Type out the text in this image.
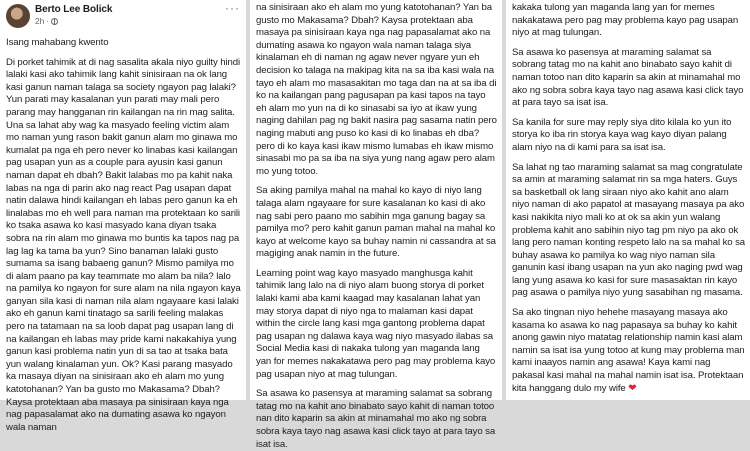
Berto Lee Bolick
2h ·
···

Isang mahabang kwento

Di porket tahimik at di nag sasalita akala niyo guilty hindi lalaki kasi ako tahimik lang kahit sinisiraan na ok lang kasi ganun naman talaga sa society ngayon pag lalaki? Yun parati may kasalanan yun parati may mali pero parang may hangganan rin kailangan na rin mag salita. Una sa lahat aby wag ka masyado feeling victim alam mo naman yung rason bakit ganun alam mo ginawa mo kumalat pa nga eh pero never ko linabas kasi kailangan pag usapan yun as a couple para ayusin kasi ganun naman dapat eh dbah? Bakit lalabas mo pa kahit naka labas na nga di parin ako nag react Pag usapan dapat natin dalawa hindi kailangan eh labas pero ganun ka eh linalabas mo eh well para naman ma protektaan ko sarili ko tsaka asawa ko kasi masyado kana diyan tsaka sobra na rin alam mo ginawa mo buntis ka tapos nag pa lag lag ka tama ba yun? Sino banaman lalaki gusto sumama sa isang babaeng ganun? Mismo pamilya mo di alam paano pa kay teammate mo alam ba nila? lalo na pamilya ko ngayon for sure alam na nila ngayon kaya ganyan sila kasi di naman nila alam ngayaare kasi lalaki ako eh ganun kami tinatago sa sarili feeling malakas pero na tatamaan na sa loob dapat pag usapan lang di na kailangan eh labas may pride kami nakakahiya yung ganun kasi problema natin yun di sa tao at tsaka bata yun walang kinalaman yun. Ok? Kasi parang masyado ka masaya diyan na sinisiraan ako eh alam mo yung katotohanan? Yan ba gusto mo Makasama? Dbah? Kaysa protektaan aba masaya pa sinisiraan kaya nga nag papasalamat ako na dumating asawa ko ngayon wala naman

na sinisiraan ako eh alam mo yung katotohanan? Yan ba gusto mo Makasama? Dbah? Kaysa protektaan aba masaya pa sinisiraan kaya nga nag papasalamat ako na dumating asawa ko ngayon wala naman talaga siya kinalaman eh di naman ng agaw never ngyare yun eh decision ko talaga na makipag kita na sa iba kasi wala na tayo eh alam mo masasakitan mo taga dan na at sa iba di ko na kailangan pang pagusapan pa kasi tapos na tayo eh alam mo yun na di ko sinasabi sa iyo at ikaw yung naging dahilan pag ng bakit nasira pag sasama natin pero naging mabuti ang puso ko kasi di ko linabas eh dba? pero di ko kaya kasi ikaw mismo lumabas eh ikaw mismo sinasabi mo pa sa iba na siya yung nang agaw pero alam mo yung totoo.

Sa aking pamilya mahal na mahal ko kayo di niyo lang talaga alam ngayaare for sure kasalanan ko kasi di ako nag sabi pero paano mo sabihin mga ganung bagay sa pamilya mo? pero kahit ganun paman mahal na mahal ko kayo at welcome kayo sa buhay namin ni cassandra at sa magiging anak namin in the future.

Learning point wag kayo masyado manghusga kahit tahimik lang lalo na di niyo alam buong storya di porket lalaki kami aba kami kaagad may kasalanan lahat yan may storya dapat di niyo nga to malaman kasi dapat within the circle lang kasi mga gantong problema dapat pag usapan ng dalawa kaya wag niyo masyado ilabas sa Social Media kasi di nakaka tulong yan maganda lang yan for memes nakakatawa pero pag may problema kayo pag usapan niyo at mag tulungan.

Sa asawa ko pasensya at maraming salamat sa sobrang tatag mo na kahit ano binabato sayo kahit di naman totoo nan dito kaparin sa akin at minamahal mo ako ng sobra sobra kaya tayo nag asawa kasi click tayo at para tayo sa isat isa.

kakaka tulong yan maganda lang yan for memes nakakatawa pero pag may problema kayo pag usapan niyo at mag tulungan.

Sa asawa ko pasensya at maraming salamat sa sobrang tatag mo na kahit ano binabato sayo kahit di naman totoo nan dito kaparin sa akin at minamahal mo ako ng sobra sobra kaya tayo nag asawa kasi click tayo at para tayo sa isat isa.

Sa kanila for sure may reply siya dito kilala ko yun ito storya ko iba rin storya kaya wag kayo diyan palang alam niyo na di kami para sa isat isa.

Sa lahat ng tao maraming salamat sa mag congratulate sa amin at maraming salamat rin sa mga haters. Guys sa basketball ok lang siraan niyo ako kahit ano alam niyo naman di ako papatol at masayang masaya pa ako kasi nakikita niyo mali ko at ok sa akin yun walang problema kahit ano sabihin niyo tag pm niyo pa ako ok lang pero naman konting respeto lalo na sa mahal ko sa buhay asawa ko pamilya ko wag niyo naman sila ganunin kasi ibang usapan na yun ako naging pwd wag lang yung asawa ko kasi for sure masasaktan rin kayo pag asawa o pamilya niyo yung sasabihan ng masama.

Sa ako tingnan niyo hehehe masayang masaya ako kasama ko asawa ko nag papasaya sa buhay ko kahit anong gawin niyo matatag relationship namin kasi alam namin sa isat isa yung totoo at kung may problema man kami inaayos namin ang asawa! Kaya kami nag pakasal kasi mahal na mahal namin isat isa. Protektaan kita hanggang dulo my wife ❤
